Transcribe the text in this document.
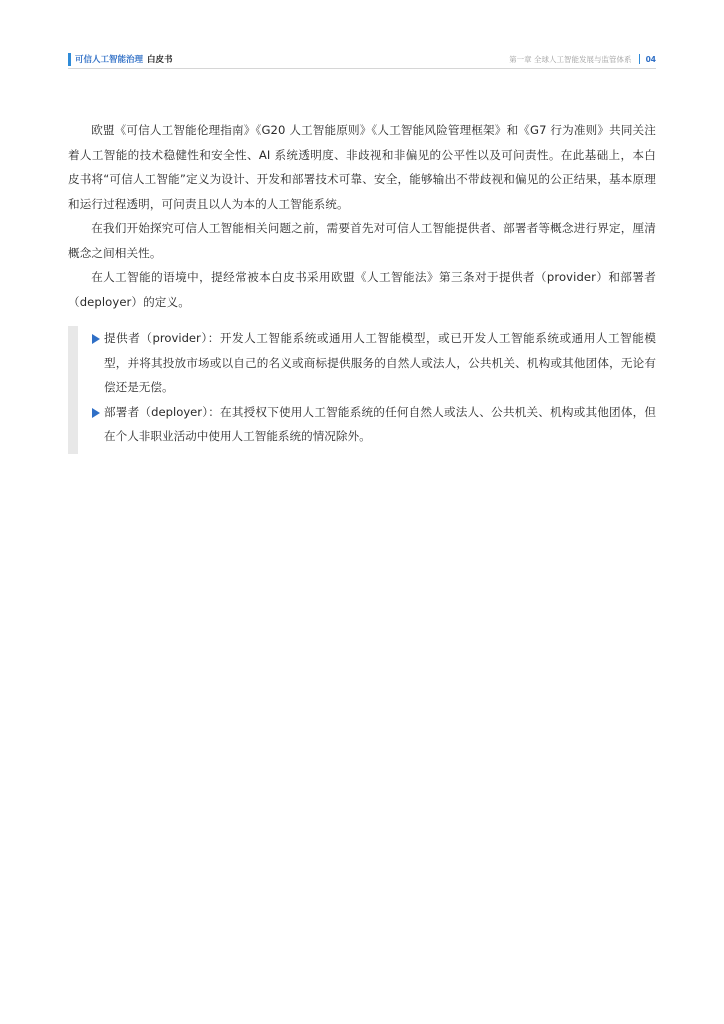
可信人工智能治理 白皮书	第一章 全球人工智能发展与监管体系 04

欧盟《可信人工智能伦理指南》《G20 人工智能原则》《人工智能风险管理框架》和《G7 行为准则》共同关注着人工智能的技术稳健性和安全性、AI 系统透明度、非歧视和非偏见的公平性以及可问责性。在此基础上，本白皮书将“可信人工智能”定义为设计、开发和部署技术可靠、安全，能够输出不带歧视和偏见的公正结果，基本原理和运行过程透明，可问责且以人为本的人工智能系统。

在我们开始探究可信人工智能相关问题之前，需要首先对可信人工智能提供者、部署者等概念进行界定，厘清概念之间相关性。

在人工智能的语境中，提经常被本白皮书采用欧盟《人工智能法》第三条对于提供者（provider）和部署者（deployer）的定义。

提供者（provider）：开发人工智能系统或通用人工智能模型，或已开发人工智能系统或通用人工智能模型，并将其投放市场或以自己的名义或商标提供服务的自然人或法人，公共机关、机构或其他团体，无论有偿还是无偿。
部署者（deployer）：在其授权下使用人工智能系统的任何自然人或法人、公共机关、机构或其他团体，但在个人非职业活动中使用人工智能系统的情况除外。
